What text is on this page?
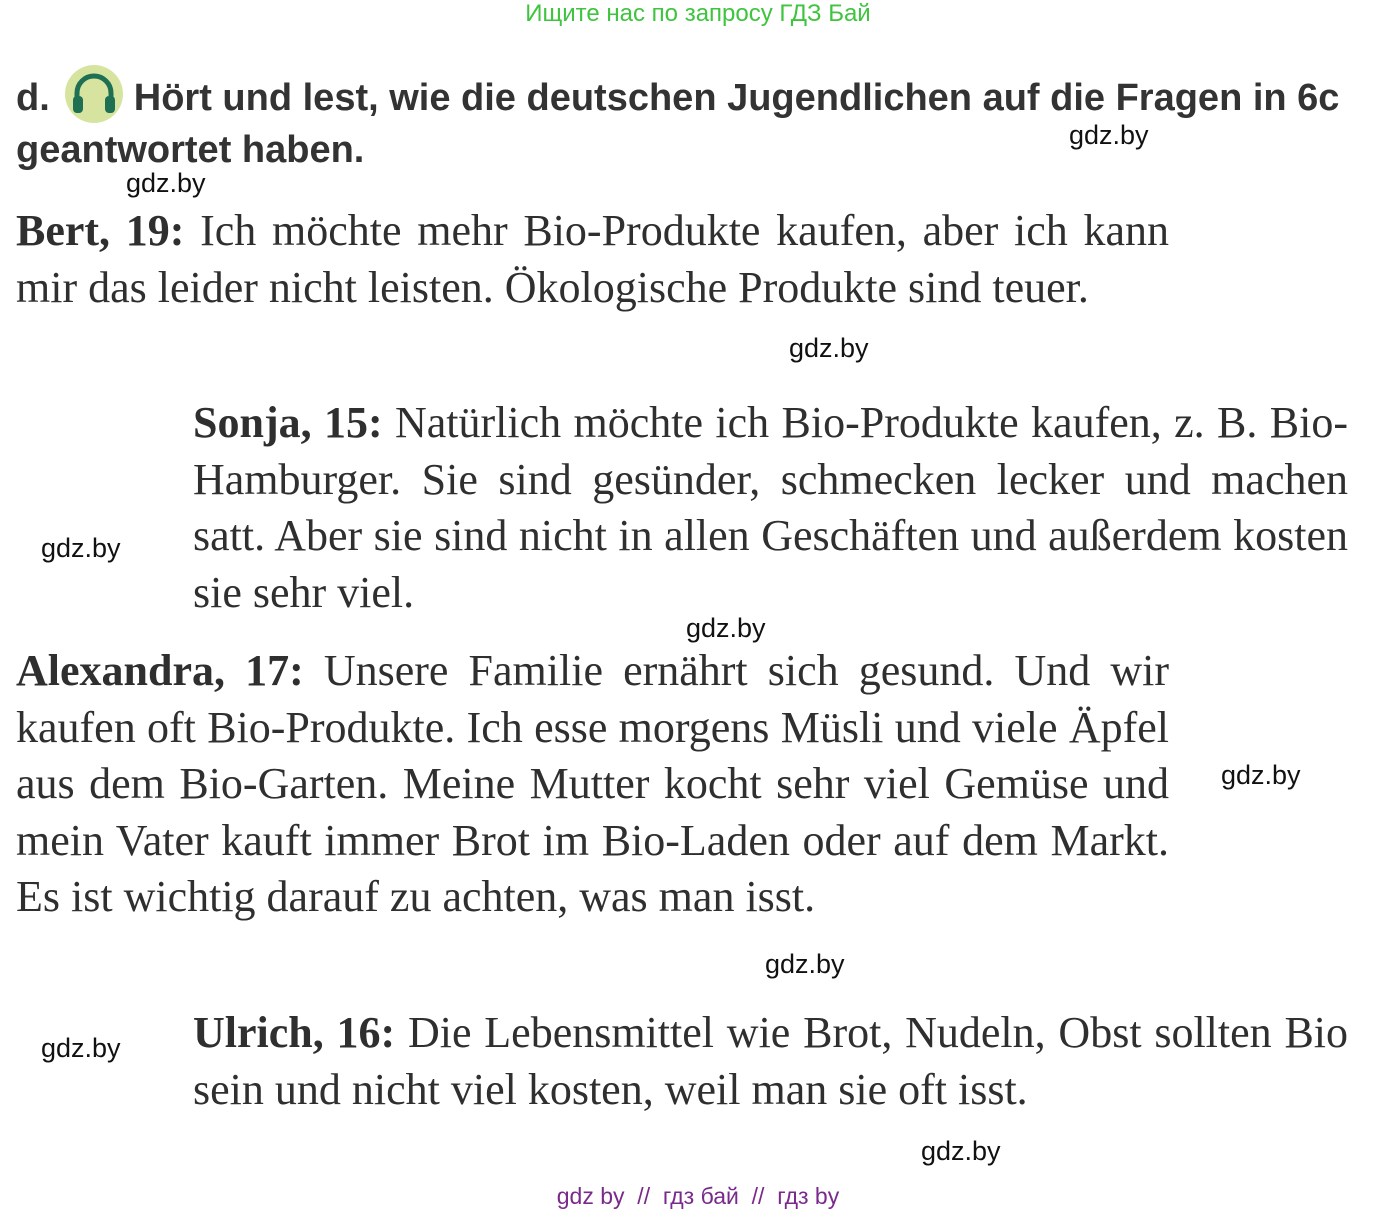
Ищите нас по запросу ГДЗ Бай

d. Hört und lest, wie die deutschen Jugendlichen auf die Fragen in 6c geantwortet haben.

Bert, 19: Ich möchte mehr Bio-Produkte kaufen, aber ich kann mir das leider nicht leisten. Ökologische Produkte sind teuer.

Sonja, 15: Natürlich möchte ich Bio-Produkte kaufen, z. B. Bio-Hamburger. Sie sind gesünder, schmecken lecker und machen satt. Aber sie sind nicht in allen Geschäften und außerdem kosten sie sehr viel.

Alexandra, 17: Unsere Familie ernährt sich gesund. Und wir kaufen oft Bio-Produkte. Ich esse morgens Müsli und viele Äpfel aus dem Bio-Garten. Meine Mutter kocht sehr viel Gemüse und mein Vater kauft immer Brot im Bio-Laden oder auf dem Markt. Es ist wichtig darauf zu achten, was man isst.

Ulrich, 16: Die Lebensmittel wie Brot, Nudeln, Obst sollten Bio sein und nicht viel kosten, weil man sie oft isst.

gdz.by
gdz.by
gdz.by
gdz.by
gdz.by
gdz.by
gdz.by
gdz.by
gdz.by
gdz by  //  гдз бай  //  гдз by
